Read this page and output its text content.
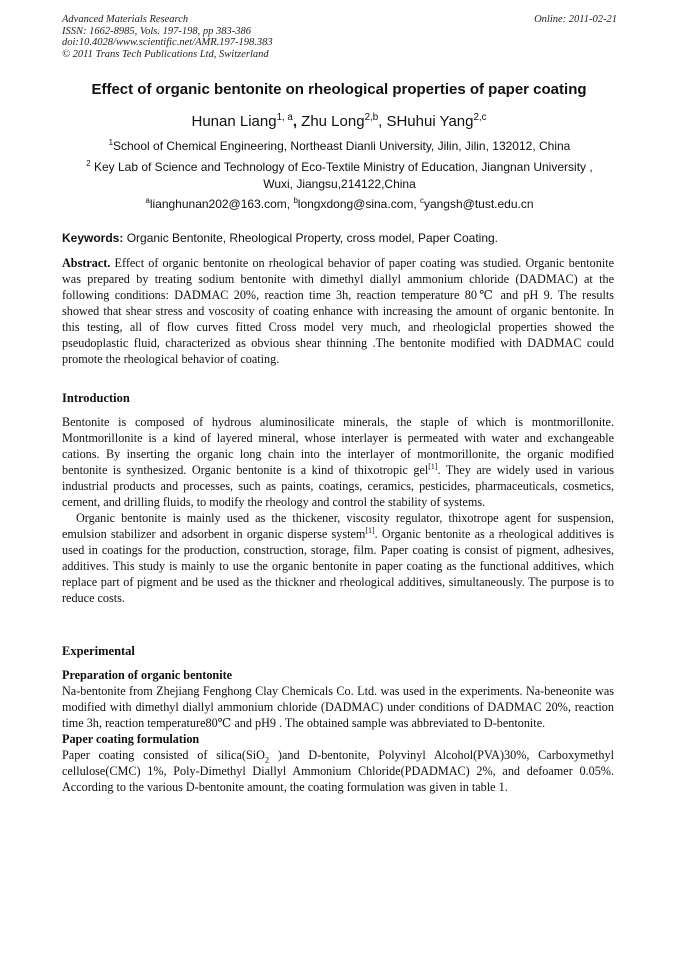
Advanced Materials Research
ISSN: 1662-8985, Vols. 197-198, pp 383-386
doi:10.4028/www.scientific.net/AMR.197-198.383
© 2011 Trans Tech Publications Ltd, Switzerland
Online: 2011-02-21
Effect of organic bentonite on rheological properties of paper coating
Hunan Liang$^{1, a}$, Zhu Long$^{2,b}$, SHuhui Yang$^{2,c}$
$^1$School of Chemical Engineering, Northeast Dianli University, Jilin, Jilin, 132012, China
$^2$ Key Lab of Science and Technology of Eco-Textile Ministry of Education, Jiangnan University ,
Wuxi, Jiangsu,214122,China
$^a$lianghunan202@163.com, $^b$longxdong@sina.com, $^c$yangsh@tust.edu.cn
Keywords: Organic Bentonite, Rheological Property, cross model, Paper Coating.

Abstract. Effect of organic bentonite on rheological behavior of paper coating was studied. Organic bentonite was prepared by treating sodium bentonite with dimethyl diallyl ammonium chloride (DADMAC) at the following conditions: DADMAC 20%, reaction time 3h, reaction temperature 80℃ and pH 9. The results showed that shear stress and voscosity of coating enhance with increasing the amount of organic bentonite. In this testing, all of flow curves fitted Cross model very much, and rheologiclal properties showed the pseudoplastic fluid, characterized as obvious shear thinning .The bentonite modified with DADMAC could promote the rheological behavior of coating.

Introduction

Bentonite is composed of hydrous aluminosilicate minerals, the staple of which is montmorillonite. Montmorillonite is a kind of layered mineral, whose interlayer is permeated with water and exchangeable cations. By inserting the organic long chain into the interlayer of montmorillonite, the organic modified bentonite is synthesized. Organic bentonite is a kind of thixotropic gel[1]. They are widely used in various industrial products and processes, such as paints, coatings, ceramics, pesticides, pharmaceuticals, cosmetics, cement, and drilling fluids, to modify the rheology and control the stability of systems.

Organic bentonite is mainly used as the thickener, viscosity regulator, thixotrope agent for suspension, emulsion stabilizer and adsorbent in organic disperse system[1]. Organic bentonite as a rheological additives is used in coatings for the production, construction, storage, film. Paper coating is consist of pigment, adhesives, additives. This study is mainly to use the organic bentonite in paper coating as the functional additives, which replace part of pigment and be used as the thickner and rheological additives, simultaneously. The purpose is to reduce costs.

Experimental

Preparation of organic bentonite

Na-bentonite from Zhejiang Fenghong Clay Chemicals Co. Ltd. was used in the experiments. Na-beneonite was modified with dimethyl diallyl ammonium chloride (DADMAC) under conditions of DADMAC 20%, reaction time 3h, reaction temperature80℃ and pH9 . The obtained sample was abbreviated to D-bentonite.

Paper coating formulation

Paper coating consisted of silica(SiO$_2$ )and D-bentonite, Polyvinyl Alcohol(PVA)30%, Carboxymethyl cellulose(CMC) 1%, Poly-Dimethyl Diallyl Ammonium Chloride(PDADMAC) 2%, and defoamer 0.05%. According to the various D-bentonite amount, the coating formulation was given in table 1.
